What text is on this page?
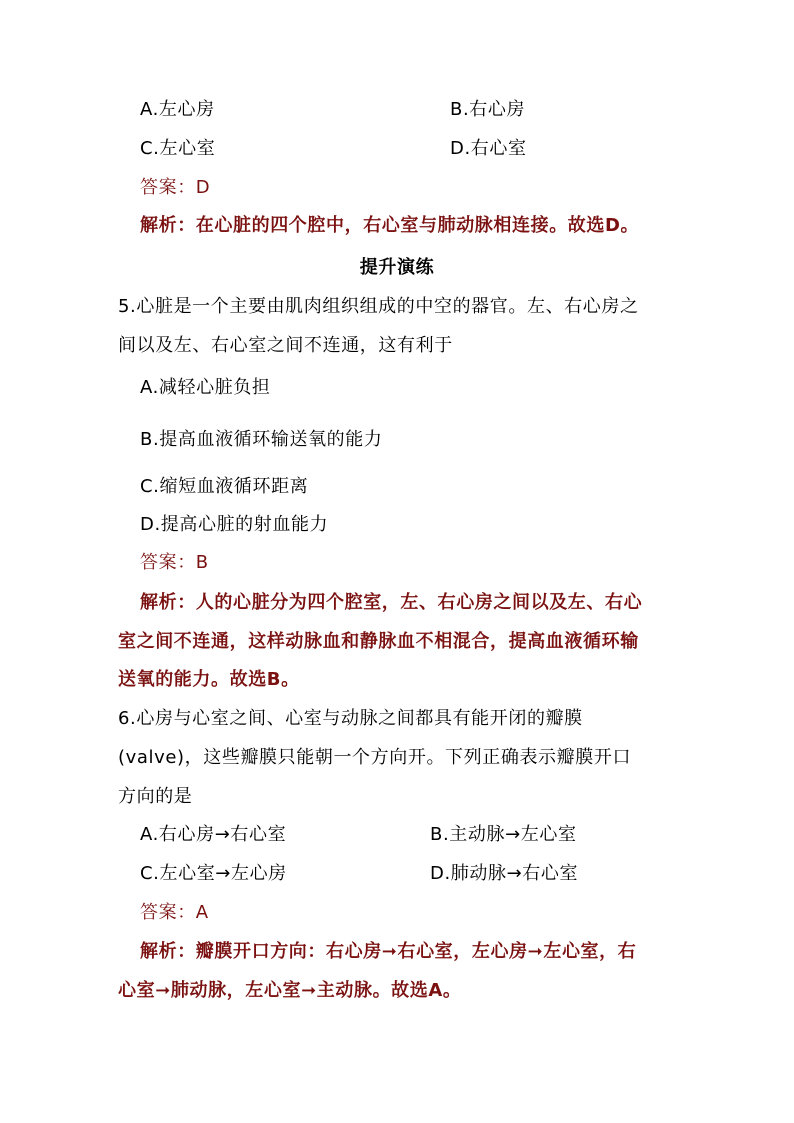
A.左心房	B.右心房
C.左心室	D.右心室
答案：D
解析：在心脏的四个腔中，右心室与肺动脉相连接。故选D。
提升演练
5.心脏是一个主要由肌肉组织组成的中空的器官。左、右心房之
间以及左、右心室之间不连通，这有利于
A.减轻心脏负担
B.提高血液循环输送氧的能力
C.缩短血液循环距离
D.提高心脏的射血能力
答案：B
解析：人的心脏分为四个腔室，左、右心房之间以及左、右心
室之间不连通，这样动脉血和静脉血不相混合，提高血液循环输
送氧的能力。故选B。
6.心房与心室之间、心室与动脉之间都具有能开闭的瓣膜
(valve)，这些瓣膜只能朝一个方向开。下列正确表示瓣膜开口
方向的是
A.右心房→右心室	B.主动脉→左心室
C.左心室→左心房	D.肺动脉→右心室
答案：A
解析：瓣膜开口方向：右心房➞右心室，左心房➞左心室，右
心室➞肺动脉，左心室➞主动脉。故选A。
